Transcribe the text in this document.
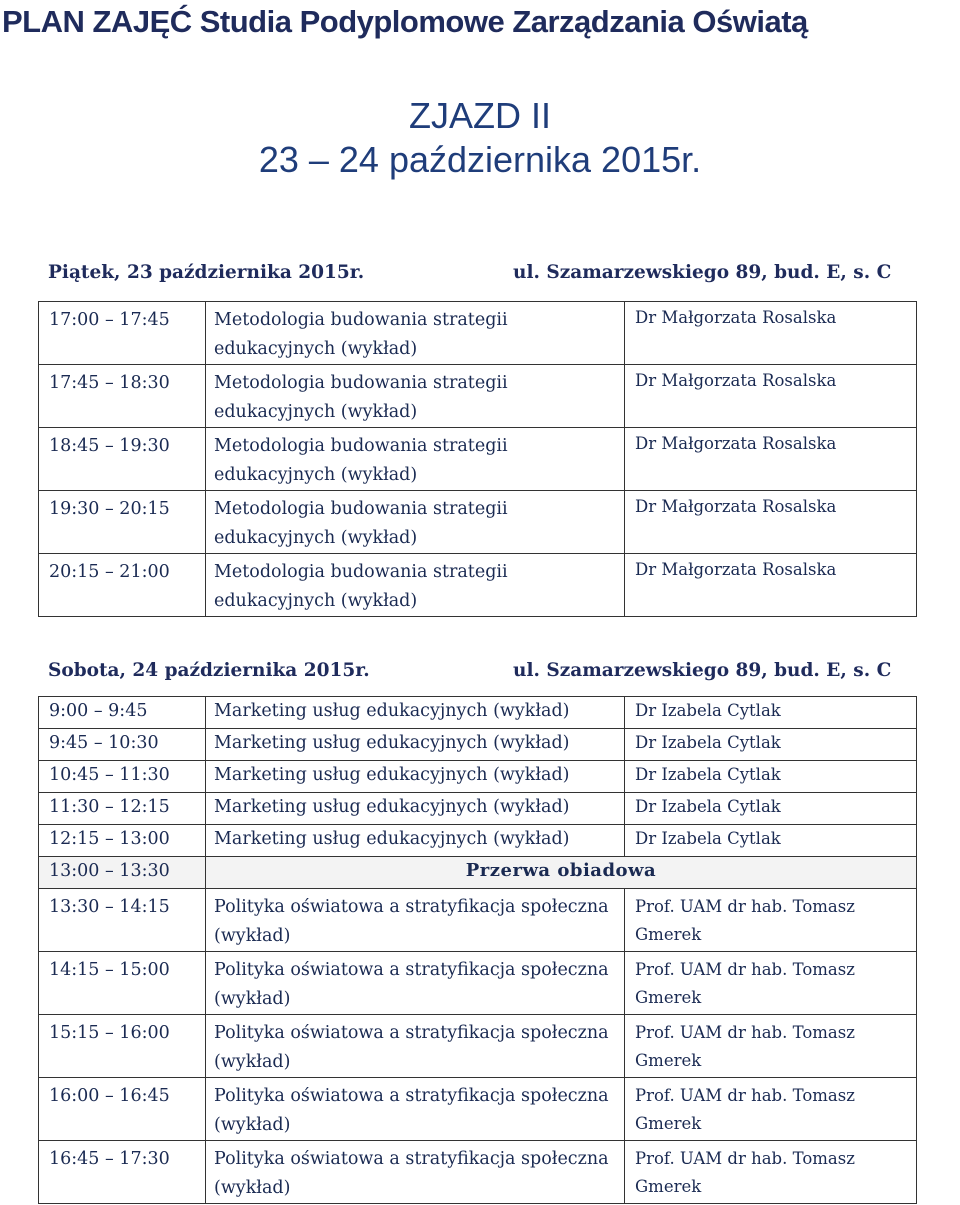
PLAN ZAJĘĆ Studia Podyplomowe Zarządzania Oświatą
ZJAZD II
23 – 24 października 2015r.
Piątek, 23 października 2015r.	ul. Szamarzewskiego 89, bud. E, s. C
17:00 – 17:45	Metodologia budowania strategii edukacyjnych (wykład)	Dr Małgorzata Rosalska
17:45 – 18:30	Metodologia budowania strategii edukacyjnych (wykład)	Dr Małgorzata Rosalska
18:45 – 19:30	Metodologia budowania strategii edukacyjnych (wykład)	Dr Małgorzata Rosalska
19:30 – 20:15	Metodologia budowania strategii edukacyjnych (wykład)	Dr Małgorzata Rosalska
20:15 – 21:00	Metodologia budowania strategii edukacyjnych (wykład)	Dr Małgorzata Rosalska
Sobota, 24 października 2015r.	ul. Szamarzewskiego 89, bud. E, s. C
9:00 – 9:45	Marketing usług edukacyjnych (wykład)	Dr Izabela Cytlak
9:45 – 10:30	Marketing usług edukacyjnych (wykład)	Dr Izabela Cytlak
10:45 – 11:30	Marketing usług edukacyjnych (wykład)	Dr Izabela Cytlak
11:30 – 12:15	Marketing usług edukacyjnych (wykład)	Dr Izabela Cytlak
12:15 – 13:00	Marketing usług edukacyjnych (wykład)	Dr Izabela Cytlak
13:00 – 13:30	Przerwa obiadowa	
13:30 – 14:15	Polityka oświatowa a stratyfikacja społeczna (wykład)	Prof. UAM dr hab. Tomasz Gmerek
14:15 – 15:00	Polityka oświatowa a stratyfikacja społeczna (wykład)	Prof. UAM dr hab. Tomasz Gmerek
15:15 – 16:00	Polityka oświatowa a stratyfikacja społeczna (wykład)	Prof. UAM dr hab. Tomasz Gmerek
16:00 – 16:45	Polityka oświatowa a stratyfikacja społeczna (wykład)	Prof. UAM dr hab. Tomasz Gmerek
16:45 – 17:30	Polityka oświatowa a stratyfikacja społeczna (wykład)	Prof. UAM dr hab. Tomasz Gmerek
